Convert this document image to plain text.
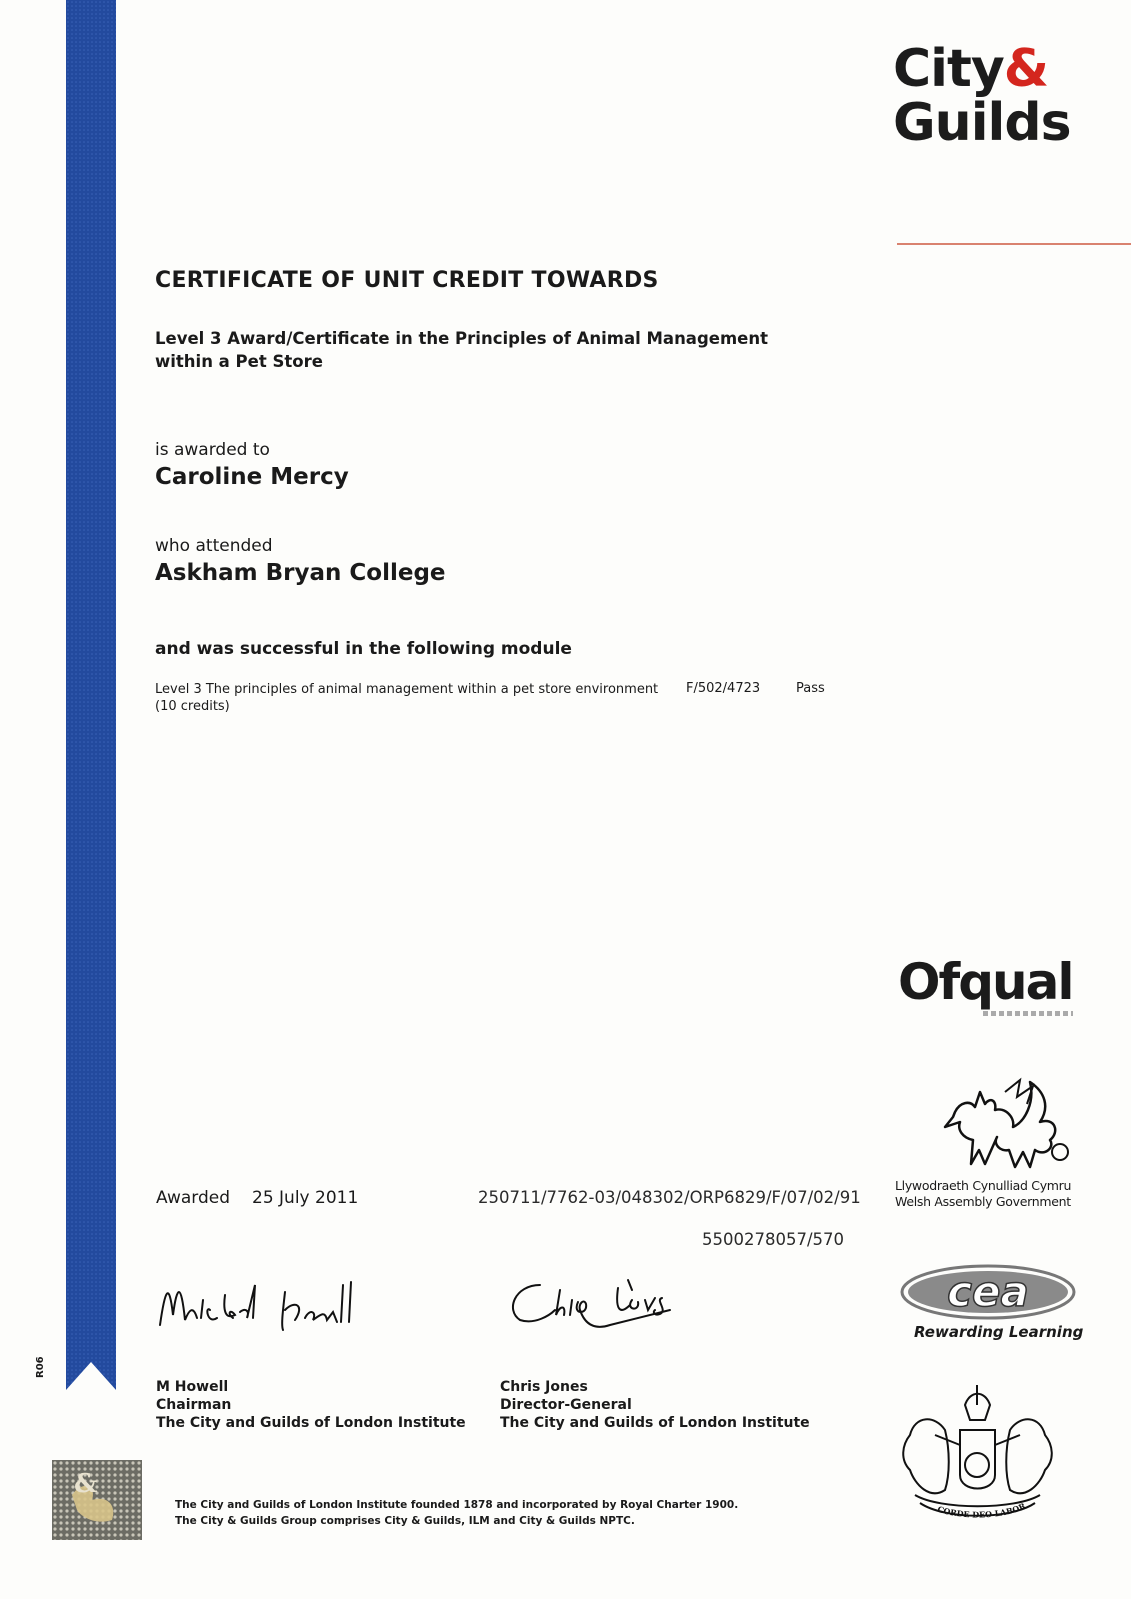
City&
Guilds
CERTIFICATE OF UNIT CREDIT TOWARDS
Level 3 Award/Certificate in the Principles of Animal Management within a Pet Store
is awarded to
Caroline Mercy
who attended
Askham Bryan College
and was successful in the following module
Level 3 The principles of animal management within a pet store environment (10 credits)
F/502/4723	Pass
Awarded 25 July 2011	250711/7762-03/048302/ORP6829/F/07/02/91
5500278057/570
M Howell
Chairman
The City and Guilds of London Institute
Chris Jones
Director-General
The City and Guilds of London Institute
R06
&
The City and Guilds of London Institute founded 1878 and incorporated by Royal Charter 1900.
The City & Guilds Group comprises City & Guilds, ILM and City & Guilds NPTC.
Ofqual
Llywodraeth Cynulliad Cymru
Welsh Assembly Government
cea
Rewarding Learning
CORDE DEO LABOR
